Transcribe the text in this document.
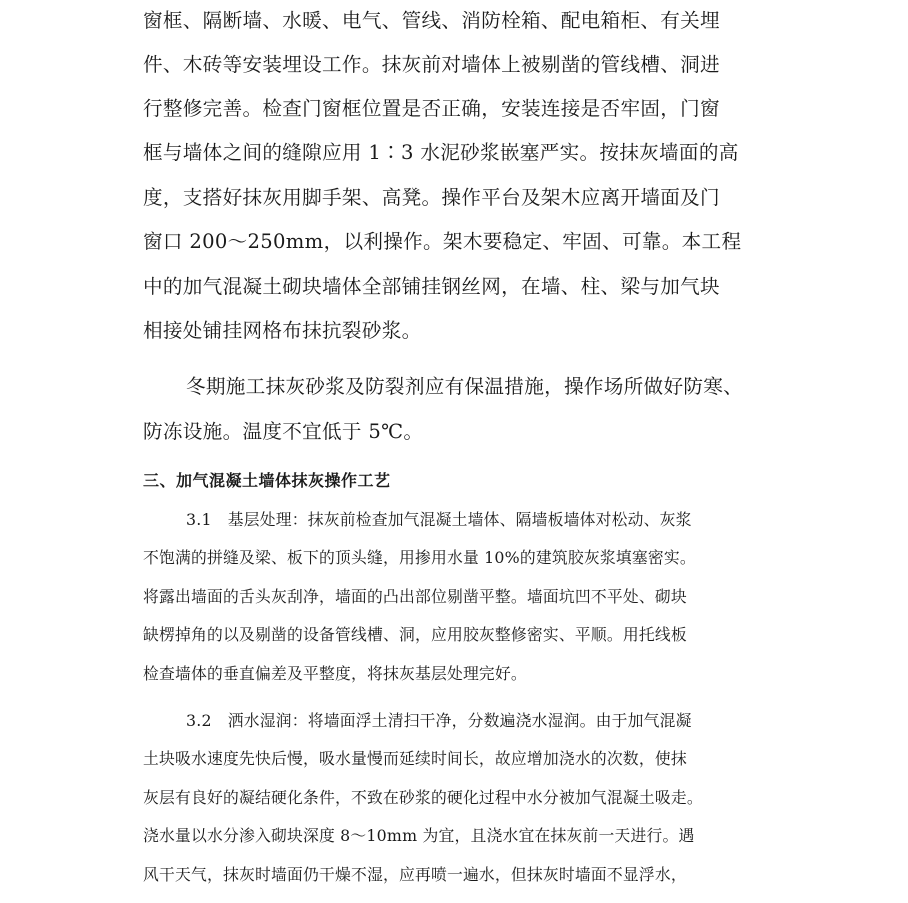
窗框、隔断墙、水暖、电气、管线、消防栓箱、配电箱柜、有关埋

件、木砖等安装埋设工作。抹灰前对墙体上被剔凿的管线槽、洞进

行整修完善。检查门窗框位置是否正确，安装连接是否牢固，门窗

框与墙体之间的缝隙应用 1∶3 水泥砂浆嵌塞严实。按抹灰墙面的高

度，支搭好抹灰用脚手架、高凳。操作平台及架木应离开墙面及门

窗口 200～250mm，以利操作。架木要稳定、牢固、可靠。本工程

中的加气混凝土砌块墙体全部铺挂钢丝网，在墙、柱、梁与加气块

相接处铺挂网格布抹抗裂砂浆。

冬期施工抹灰砂浆及防裂剂应有保温措施，操作场所做好防寒、

防冻设施。温度不宜低于 5℃。

三、加气混凝土墙体抹灰操作工艺

3.1　基层处理：抹灰前检查加气混凝土墙体、隔墙板墙体对松动、灰浆

不饱满的拼缝及梁、板下的顶头缝，用掺用水量 10%的建筑胶灰浆填塞密实。

将露出墙面的舌头灰刮净，墙面的凸出部位剔凿平整。墙面坑凹不平处、砌块

缺楞掉角的以及剔凿的设备管线槽、洞，应用胶灰整修密实、平顺。用托线板

检查墙体的垂直偏差及平整度，将抹灰基层处理完好。

3.2　洒水湿润：将墙面浮土清扫干净，分数遍浇水湿润。由于加气混凝

土块吸水速度先快后慢，吸水量慢而延续时间长，故应增加浇水的次数，使抹

灰层有良好的凝结硬化条件，不致在砂浆的硬化过程中水分被加气混凝土吸走。

浇水量以水分渗入砌块深度 8～10mm 为宜，且浇水宜在抹灰前一天进行。遇

风干天气，抹灰时墙面仍干燥不湿，应再喷一遍水，但抹灰时墙面不显浮水，
